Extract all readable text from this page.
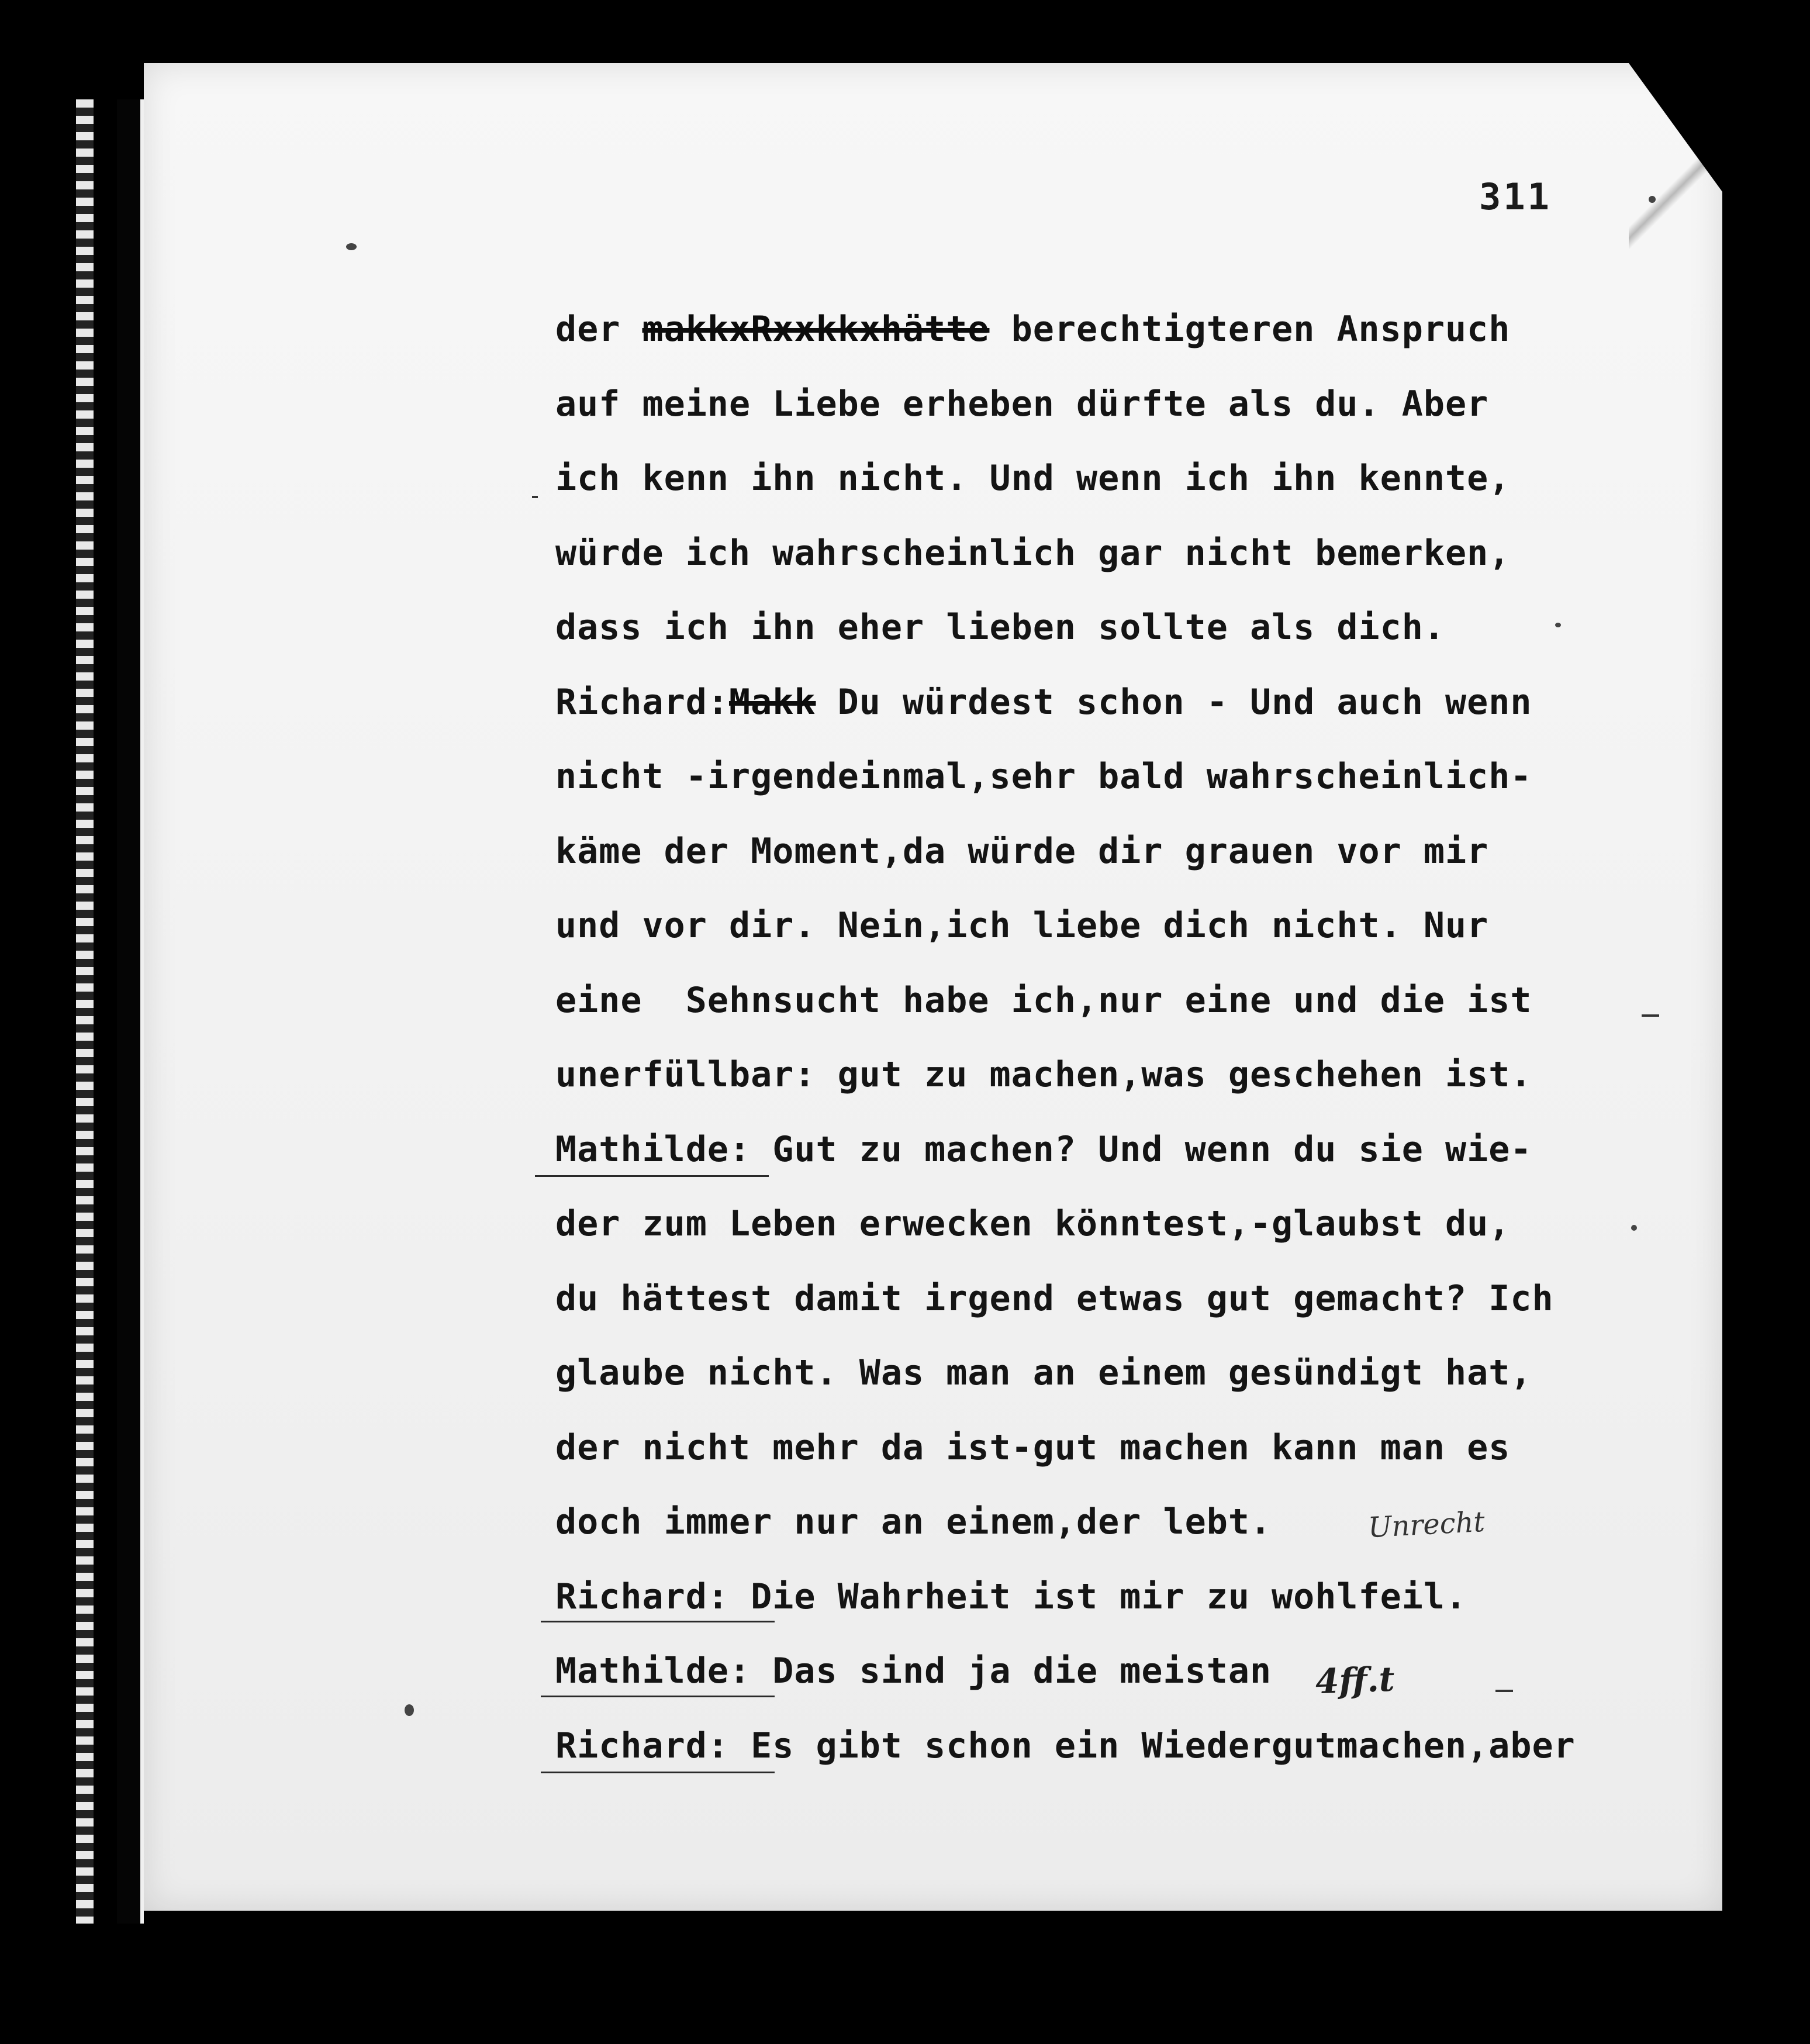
311
der makkxRxxkkxhätte berechtigteren Anspruch
auf meine Liebe erheben dürfte als du. Aber
ich kenn ihn nicht. Und wenn ich ihn kennte,
würde ich wahrscheinlich gar nicht bemerken,
dass ich ihn eher lieben sollte als dich.
Richard:Makk Du würdest schon - Und auch wenn
nicht -irgendeinmal,sehr bald wahrscheinlich-
käme der Moment,da würde dir grauen vor mir
und vor dir. Nein,ich liebe dich nicht. Nur
eine  Sehnsucht habe ich,nur eine und die ist
unerfüllbar: gut zu machen,was geschehen ist.
Mathilde: Gut zu machen? Und wenn du sie wie-
der zum Leben erwecken könntest,-glaubst du,
du hättest damit irgend etwas gut gemacht? Ich
glaube nicht. Was man an einem gesündigt hat,
der nicht mehr da ist-gut machen kann man es
doch immer nur an einem,der lebt.
Richard: Die Wahrheit ist mir zu wohlfeil.
Mathilde: Das sind ja die meistan
Richard: Es gibt schon ein Wiedergutmachen,aber
Unrecht
4ff.t
